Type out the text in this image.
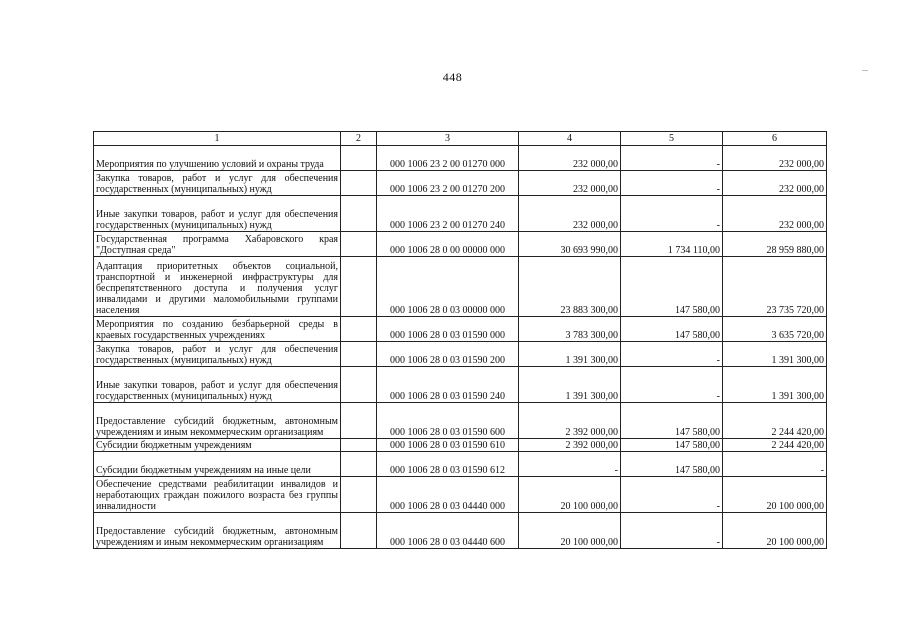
448
1	2	3	4	5	6
Мероприятия по улучшению условий и охраны труда		000 1006 23 2 00 01270 000	232 000,00	-	232 000,00
Закупка товаров, работ и услуг для обеспечения государственных (муниципальных) нужд		000 1006 23 2 00 01270 200	232 000,00	-	232 000,00
Иные закупки товаров, работ и услуг для обеспечения государственных (муниципальных) нужд		000 1006 23 2 00 01270 240	232 000,00	-	232 000,00
Государственная программа Хабаровского края "Доступная среда"		000 1006 28 0 00 00000 000	30 693 990,00	1 734 110,00	28 959 880,00
Адаптация приоритетных объектов социальной, транспортной и инженерной инфраструктуры для беспрепятственного доступа и получения услуг инвалидами и другими маломобильными группами населения		000 1006 28 0 03 00000 000	23 883 300,00	147 580,00	23 735 720,00
Мероприятия по созданию безбарьерной среды в краевых государственных учреждениях		000 1006 28 0 03 01590 000	3 783 300,00	147 580,00	3 635 720,00
Закупка товаров, работ и услуг для обеспечения государственных (муниципальных) нужд		000 1006 28 0 03 01590 200	1 391 300,00	-	1 391 300,00
Иные закупки товаров, работ и услуг для обеспечения государственных (муниципальных) нужд		000 1006 28 0 03 01590 240	1 391 300,00	-	1 391 300,00
Предоставление субсидий бюджетным, автономным учреждениям и иным некоммерческим организациям		000 1006 28 0 03 01590 600	2 392 000,00	147 580,00	2 244 420,00
Субсидии бюджетным учреждениям		000 1006 28 0 03 01590 610	2 392 000,00	147 580,00	2 244 420,00
Субсидии бюджетным учреждениям на иные цели		000 1006 28 0 03 01590 612	-	147 580,00	-
Обеспечение средствами реабилитации инвалидов и неработающих граждан пожилого возраста без группы инвалидности		000 1006 28 0 03 04440 000	20 100 000,00	-	20 100 000,00
Предоставление субсидий бюджетным, автономным учреждениям и иным некоммерческим организациям		000 1006 28 0 03 04440 600	20 100 000,00	-	20 100 000,00
